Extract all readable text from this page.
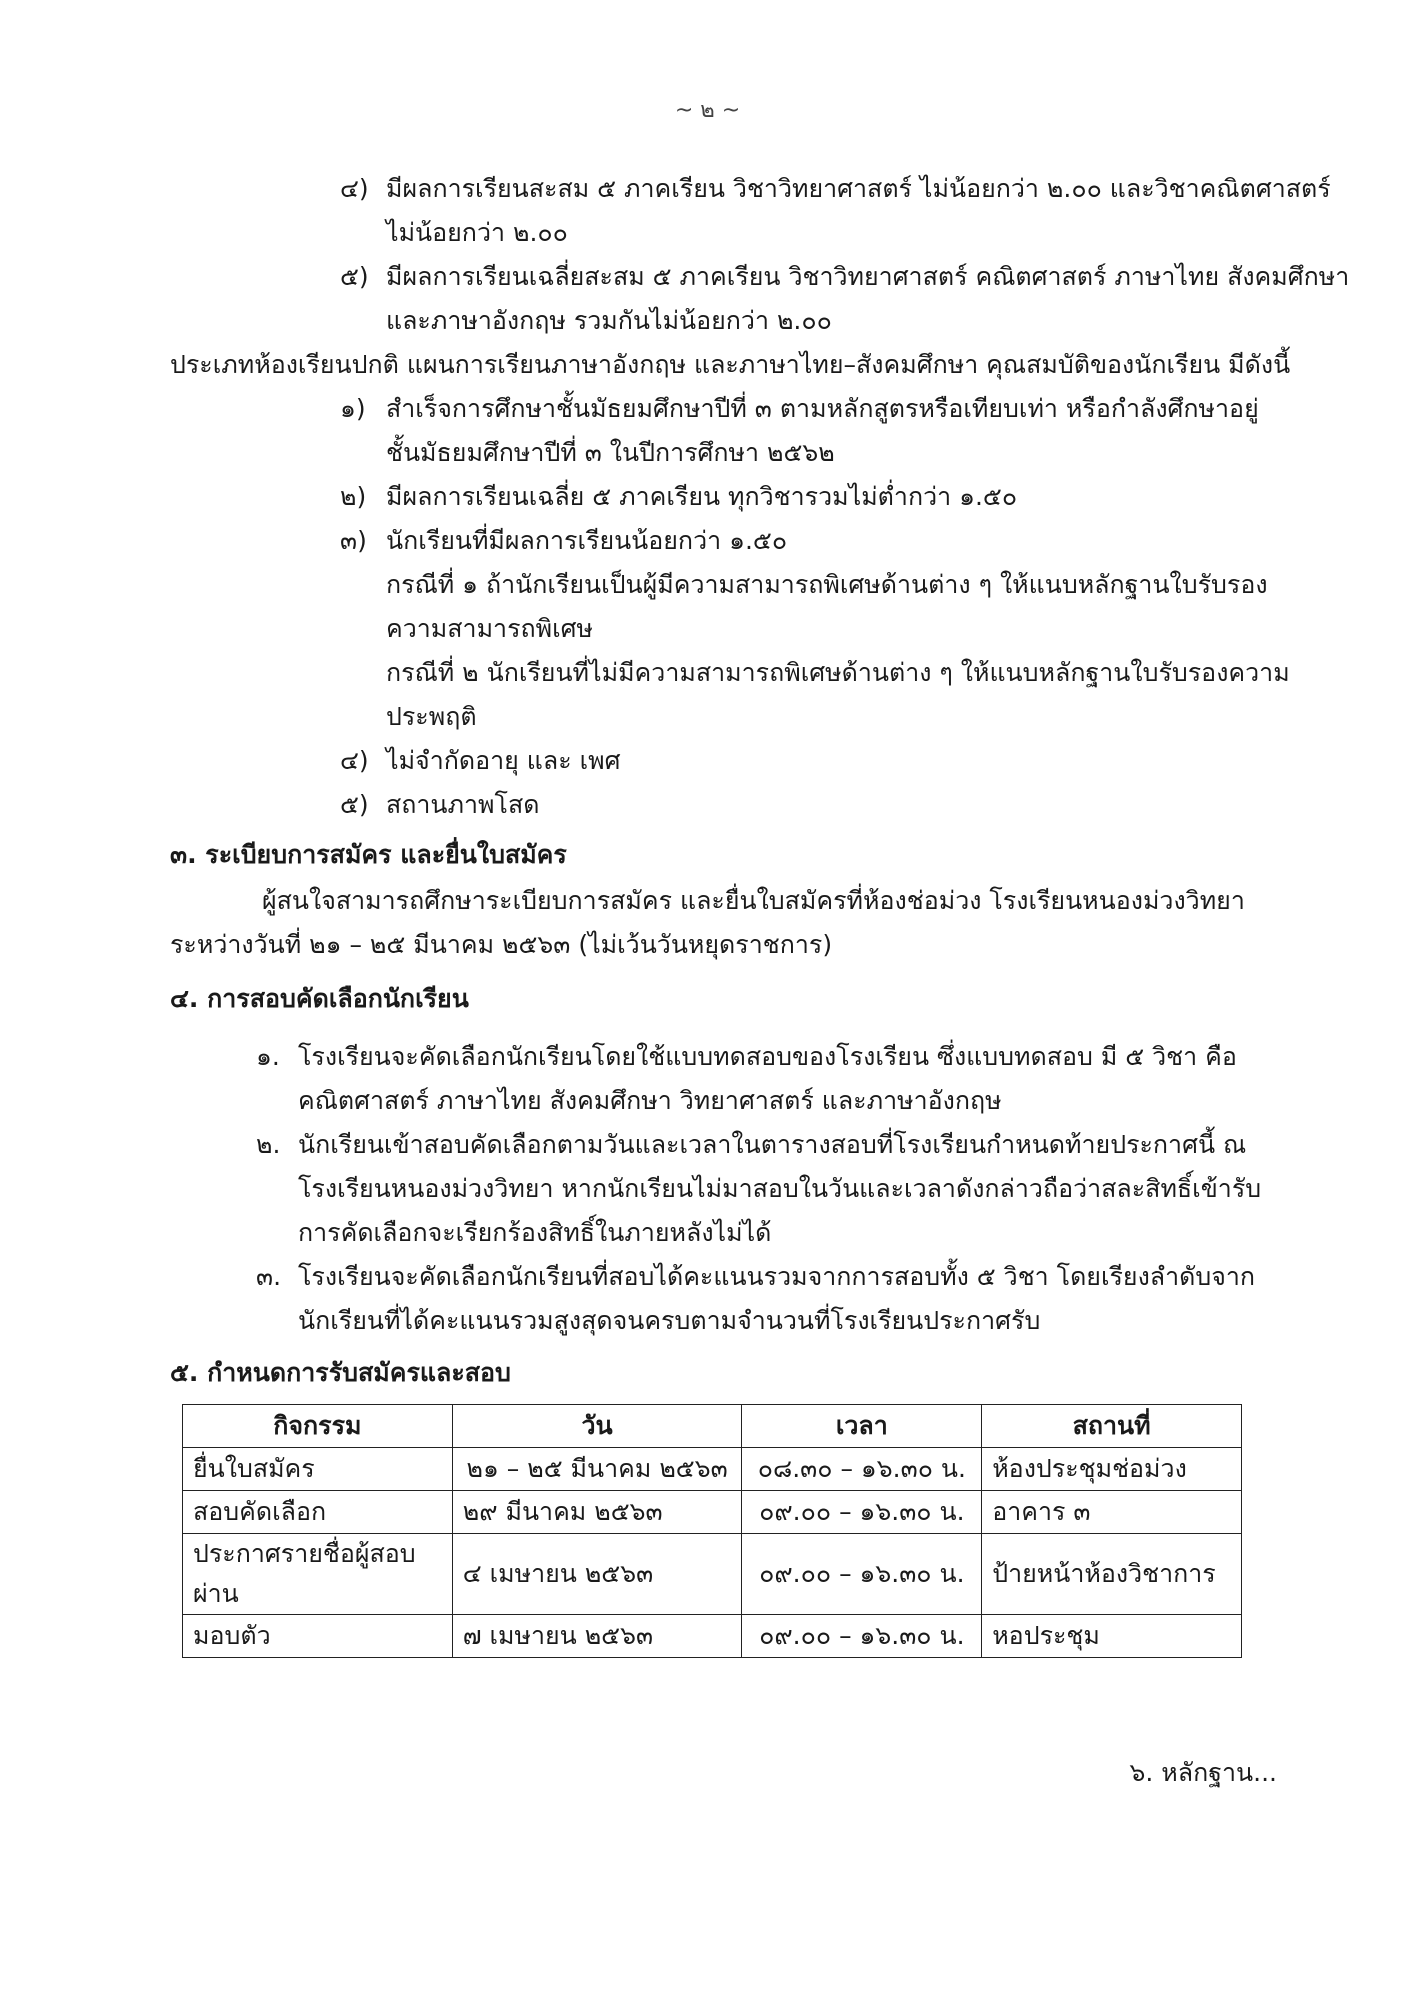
~ ๒ ~
๔) มีผลการเรียนสะสม ๕ ภาคเรียน วิชาวิทยาศาสตร์ ไม่น้อยกว่า ๒.๐๐ และวิชาคณิตศาสตร์
ไม่น้อยกว่า ๒.๐๐
๕) มีผลการเรียนเฉลี่ยสะสม ๕ ภาคเรียน วิชาวิทยาศาสตร์ คณิตศาสตร์ ภาษาไทย สังคมศึกษา
และภาษาอังกฤษ รวมกันไม่น้อยกว่า ๒.๐๐
ประเภทห้องเรียนปกติ แผนการเรียนภาษาอังกฤษ และภาษาไทย–สังคมศึกษา คุณสมบัติของนักเรียน มีดังนี้
๑) สำเร็จการศึกษาชั้นมัธยมศึกษาปีที่ ๓ ตามหลักสูตรหรือเทียบเท่า หรือกำลังศึกษาอยู่
ชั้นมัธยมศึกษาปีที่ ๓ ในปีการศึกษา ๒๕๖๒
๒) มีผลการเรียนเฉลี่ย ๕ ภาคเรียน ทุกวิชารวมไม่ต่ำกว่า ๑.๕๐
๓) นักเรียนที่มีผลการเรียนน้อยกว่า ๑.๕๐
กรณีที่ ๑ ถ้านักเรียนเป็นผู้มีความสามารถพิเศษด้านต่าง ๆ ให้แนบหลักฐานใบรับรอง
ความสามารถพิเศษ
กรณีที่ ๒ นักเรียนที่ไม่มีความสามารถพิเศษด้านต่าง ๆ ให้แนบหลักฐานใบรับรองความ
ประพฤติ
๔) ไม่จำกัดอายุ และ เพศ
๕) สถานภาพโสด
๓. ระเบียบการสมัคร และยื่นใบสมัคร
ผู้สนใจสามารถศึกษาระเบียบการสมัคร และยื่นใบสมัครที่ห้องช่อม่วง โรงเรียนหนองม่วงวิทยา
ระหว่างวันที่ ๒๑ – ๒๕ มีนาคม ๒๕๖๓ (ไม่เว้นวันหยุดราชการ)
๔. การสอบคัดเลือกนักเรียน
๑. โรงเรียนจะคัดเลือกนักเรียนโดยใช้แบบทดสอบของโรงเรียน ซึ่งแบบทดสอบ มี ๕ วิชา คือ
คณิตศาสตร์ ภาษาไทย สังคมศึกษา วิทยาศาสตร์ และภาษาอังกฤษ
๒. นักเรียนเข้าสอบคัดเลือกตามวันและเวลาในตารางสอบที่โรงเรียนกำหนดท้ายประกาศนี้ ณ
โรงเรียนหนองม่วงวิทยา หากนักเรียนไม่มาสอบในวันและเวลาดังกล่าวถือว่าสละสิทธิ์เข้ารับ
การคัดเลือกจะเรียกร้องสิทธิ์ในภายหลังไม่ได้
๓. โรงเรียนจะคัดเลือกนักเรียนที่สอบได้คะแนนรวมจากการสอบทั้ง ๕ วิชา โดยเรียงลำดับจาก
นักเรียนที่ได้คะแนนรวมสูงสุดจนครบตามจำนวนที่โรงเรียนประกาศรับ
๕. กำหนดการรับสมัครและสอบ
กิจกรรม	วัน	เวลา	สถานที่
ยื่นใบสมัคร	๒๑ – ๒๕ มีนาคม ๒๕๖๓	๐๘.๓๐ – ๑๖.๓๐ น.	ห้องประชุมช่อม่วง
สอบคัดเลือก	๒๙ มีนาคม ๒๕๖๓	๐๙.๐๐ – ๑๖.๓๐ น.	อาคาร ๓
ประกาศรายชื่อผู้สอบผ่าน	๔ เมษายน ๒๕๖๓	๐๙.๐๐ – ๑๖.๓๐ น.	ป้ายหน้าห้องวิชาการ
มอบตัว	๗ เมษายน ๒๕๖๓	๐๙.๐๐ – ๑๖.๓๐ น.	หอประชุม
๖. หลักฐาน...
